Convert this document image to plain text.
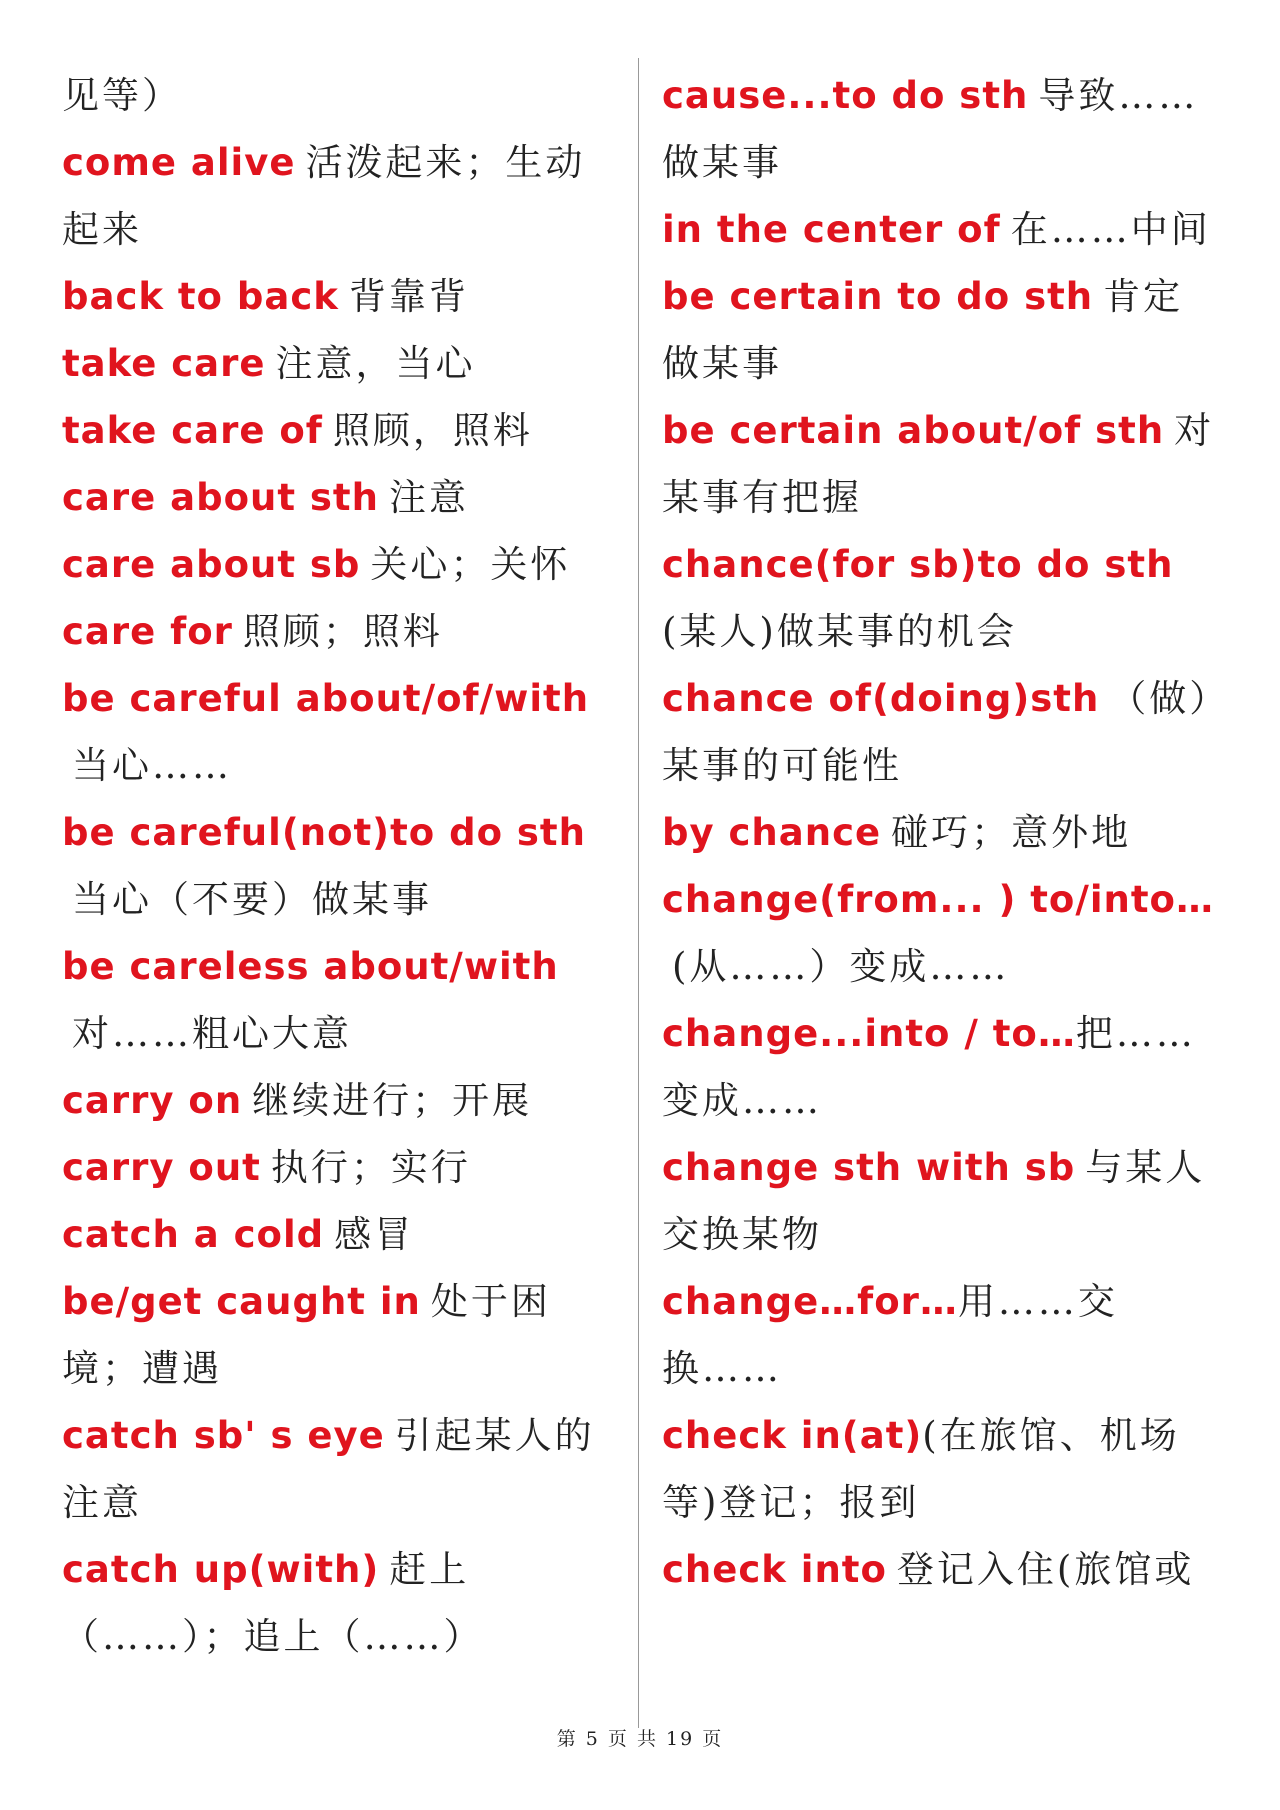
见等）

come alive 活泼起来；生动起来

back to back 背靠背

take care 注意，当心

take care of 照顾，照料

care about sth 注意

care about sb 关心；关怀

care for 照顾；照料

be careful about/of/with当心……

be careful(not)to do sth当心（不要）做某事

be careless about/with对……粗心大意

carry on 继续进行；开展

carry out 执行；实行

catch a cold 感冒

be/get caught in 处于困境；遭遇

catch sb' s eye 引起某人的注意

catch up(with) 赶上（……）；追上（……）

cause...to do sth 导致……做某事

in the center of 在……中间

be certain to do sth 肯定做某事

be certain about/of sth 对某事有把握

chance(for sb)to do sth(某人)做某事的机会

chance of(doing)sth （做）某事的可能性

by chance 碰巧；意外地

change(from... ) to/into…(从……）变成……

change...into / to…把……变成……

change sth with sb 与某人交换某物

change…for…用……交换……

check in(at)(在旅馆、机场等)登记；报到

check into 登记入住(旅馆或

第 5 页 共 19 页
